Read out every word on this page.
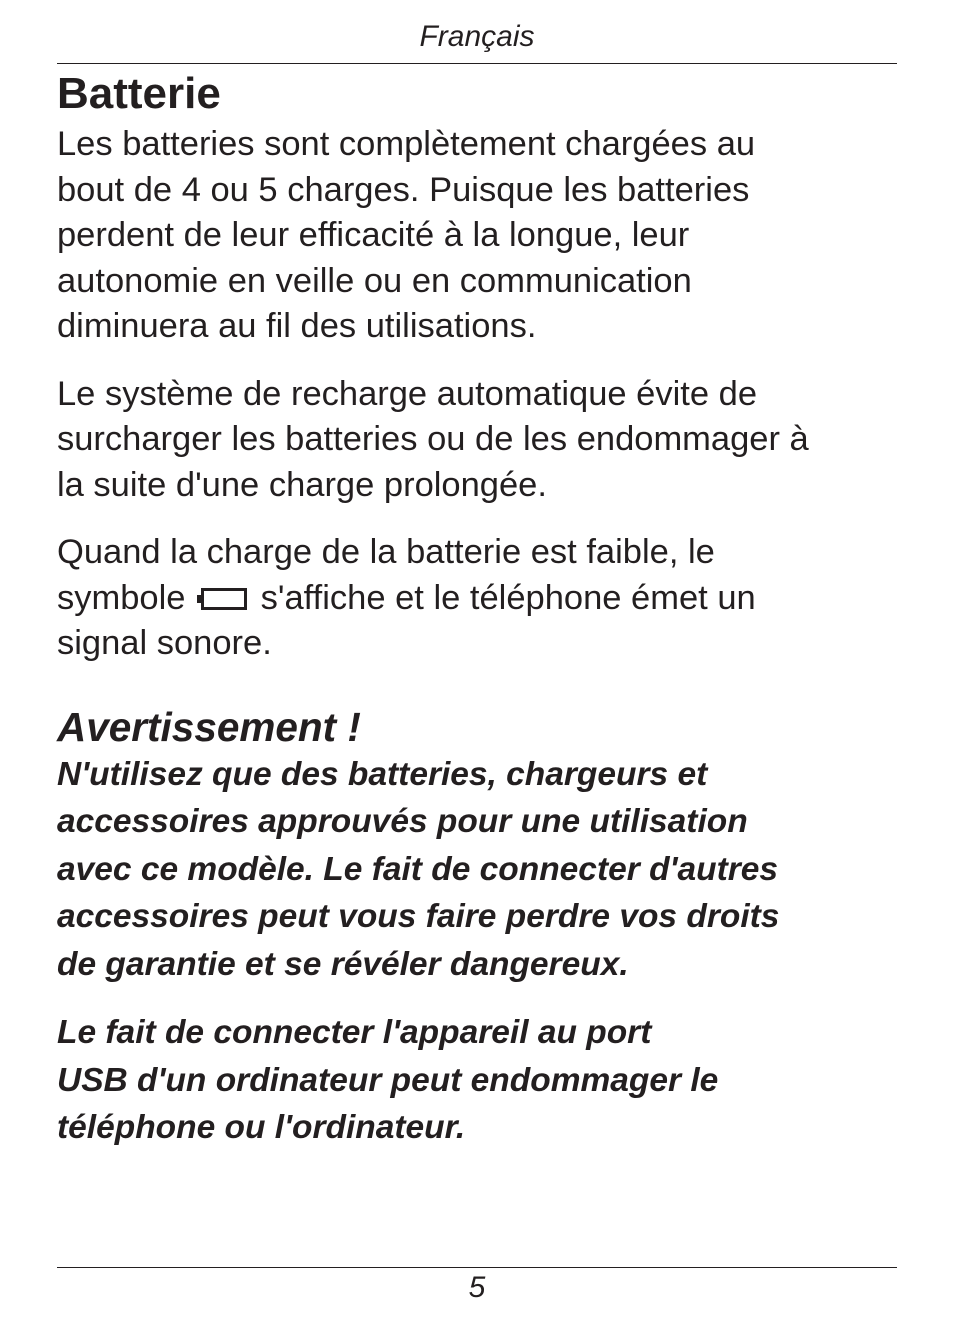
Français
Batterie

Les batteries sont complètement chargées au
bout de 4 ou 5 charges. Puisque les batteries
perdent de leur efficacité à la longue, leur
autonomie en veille ou en communication
diminuera au fil des utilisations.

Le système de recharge automatique évite de
surcharger les batteries ou de les endommager à
la suite d'une charge prolongée.

Quand la charge de la batterie est faible, le
symbole s'affiche et le téléphone émet un
signal sonore.

Avertissement !

N'utilisez que des batteries, chargeurs et
accessoires approuvés pour une utilisation
avec ce modèle. Le fait de connecter d'autres
accessoires peut vous faire perdre vos droits
de garantie et se révéler dangereux.

Le fait de connecter l'appareil au port
USB d'un ordinateur peut endommager le
téléphone ou l'ordinateur.

5
